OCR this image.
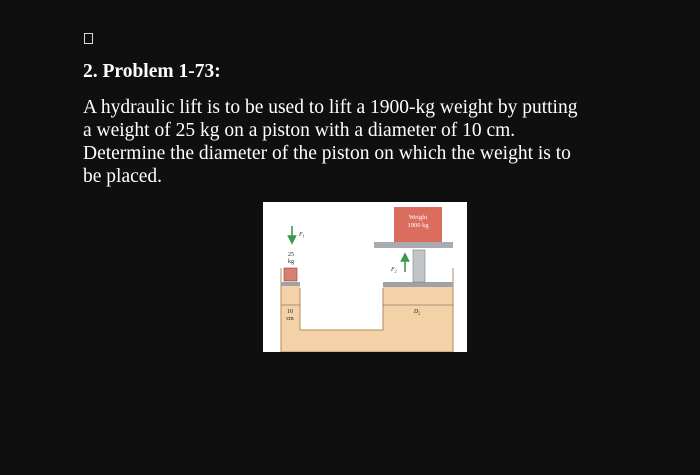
2. Problem 1-73:

A hydraulic lift is to be used to lift a 1900-kg weight by putting
a weight of 25 kg on a piston with a diameter of 10 cm.
Determine the diameter of the piston on which the weight is to
be placed.

Weight
1900 kg
$F_1$
$F_2$
25
kg
10
cm
$D_2$
